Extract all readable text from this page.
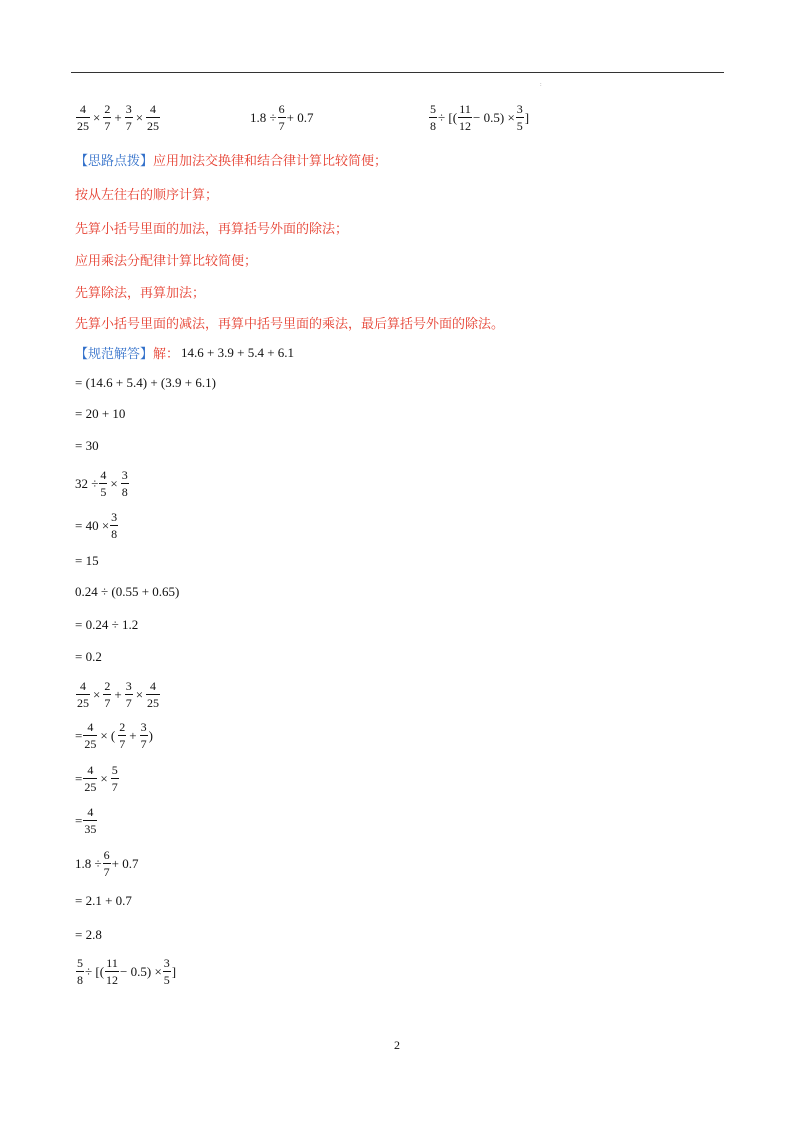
:
$\frac{4}{25} \times \frac{2}{7} + \frac{3}{7} \times \frac{4}{25}$	$1.8 \div \frac{6}{7} + 0.7$	$\frac{5}{8}$ ÷ [( $\frac{11}{12} - 0.5) \times \frac{3}{5}$ ]
【思路点拨】 应用加法交换律和结合律计算比较简便；
按从左往右的顺序计算；
先算小括号里面的加法，再算括号外面的除法；
应用乘法分配律计算比较简便；
先算除法，再算加法；
先算小括号里面的减法，再算中括号里面的乘法，最后算括号外面的除法。
【规范解答】 解： 14.6 + 3.9 + 5.4 + 6.1
= (14.6 + 5.4) + (3.9 + 6.1)
= 20 + 10
= 30
$32 \div \frac{4}{5} \times \frac{3}{8}$
= $40 \times \frac{3}{8}$
= 15
0.24 ÷ (0.55 + 0.65)
= 0.24 ÷ 1.2
= 0.2
$\frac{4}{25} \times \frac{2}{7} + \frac{3}{7} \times \frac{4}{25}$
= $\frac{4}{25}$ × ( $\frac{2}{7} + \frac{3}{7}$ )
= $\frac{4}{25} \times \frac{5}{7}$
= $\frac{4}{35}$
$1.8 \div \frac{6}{7} + 0.7$
= 2.1 + 0.7
= 2.8
$\frac{5}{8}$ ÷ [( $\frac{11}{12} - 0.5) \times \frac{3}{5}$ ]
2
